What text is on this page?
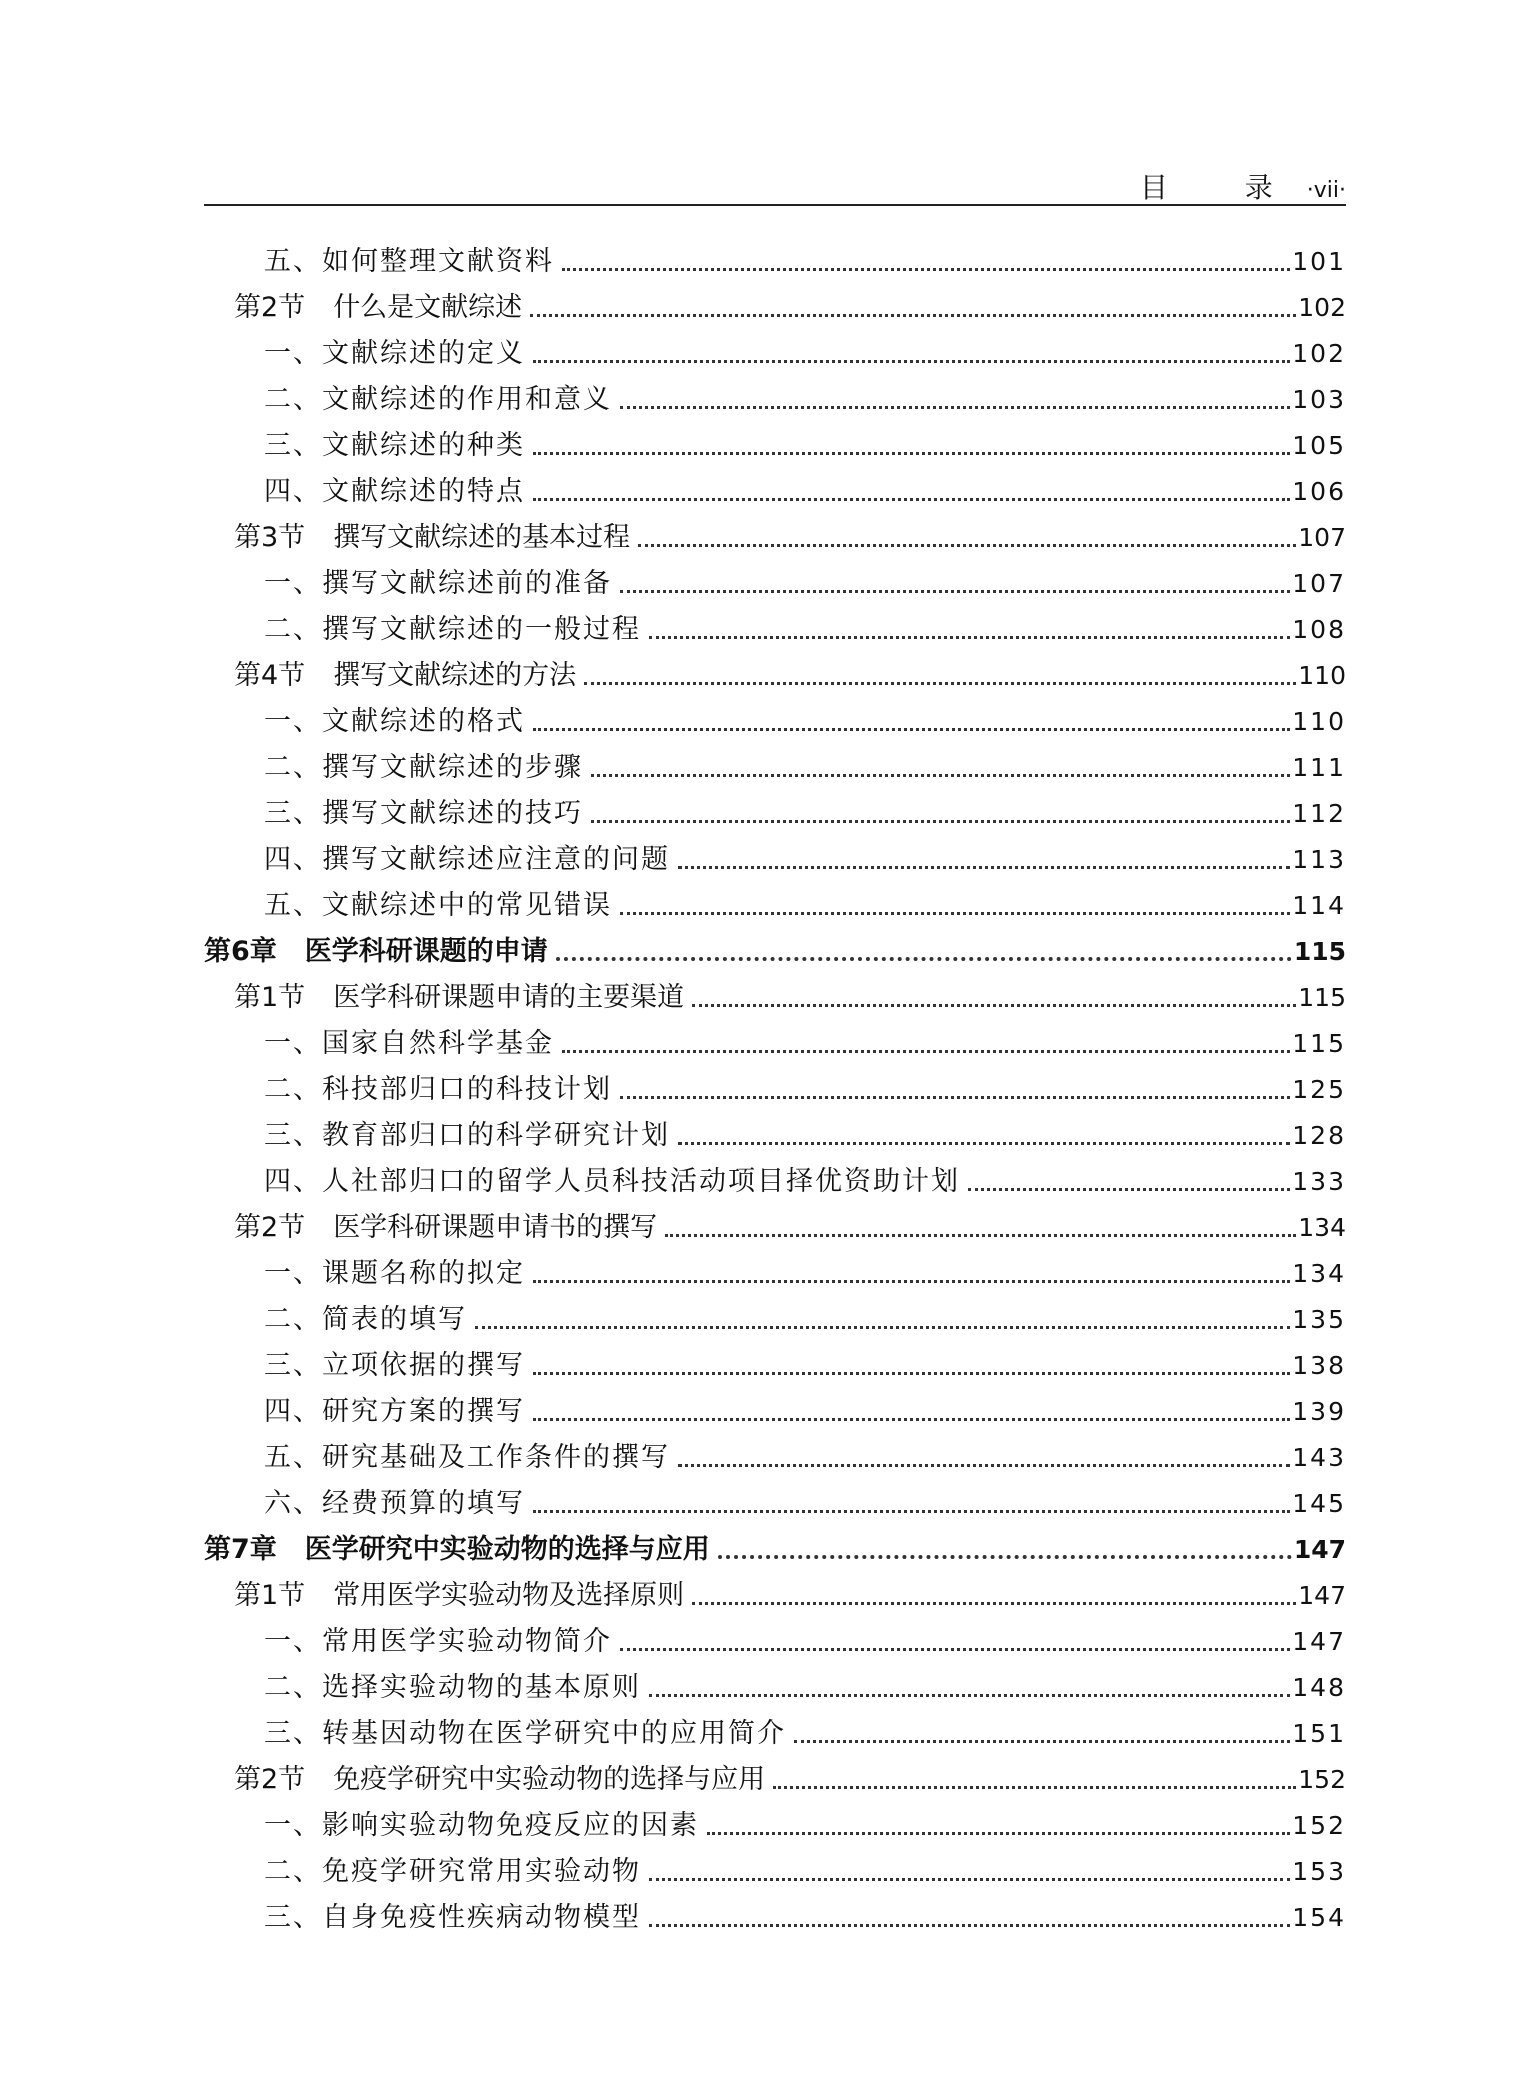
目 录·vii·
五、如何整理文献资料	101
第2节 什么是文献综述	102
一、文献综述的定义	102
二、文献综述的作用和意义	103
三、文献综述的种类	105
四、文献综述的特点	106
第3节 撰写文献综述的基本过程	107
一、撰写文献综述前的准备	107
二、撰写文献综述的一般过程	108
第4节 撰写文献综述的方法	110
一、文献综述的格式	110
二、撰写文献综述的步骤	111
三、撰写文献综述的技巧	112
四、撰写文献综述应注意的问题	113
五、文献综述中的常见错误	114
第6章 医学科研课题的申请	115
第1节 医学科研课题申请的主要渠道	115
一、国家自然科学基金	115
二、科技部归口的科技计划	125
三、教育部归口的科学研究计划	128
四、人社部归口的留学人员科技活动项目择优资助计划	133
第2节 医学科研课题申请书的撰写	134
一、课题名称的拟定	134
二、简表的填写	135
三、立项依据的撰写	138
四、研究方案的撰写	139
五、研究基础及工作条件的撰写	143
六、经费预算的填写	145
第7章 医学研究中实验动物的选择与应用	147
第1节 常用医学实验动物及选择原则	147
一、常用医学实验动物简介	147
二、选择实验动物的基本原则	148
三、转基因动物在医学研究中的应用简介	151
第2节 免疫学研究中实验动物的选择与应用	152
一、影响实验动物免疫反应的因素	152
二、免疫学研究常用实验动物	153
三、自身免疫性疾病动物模型	154
